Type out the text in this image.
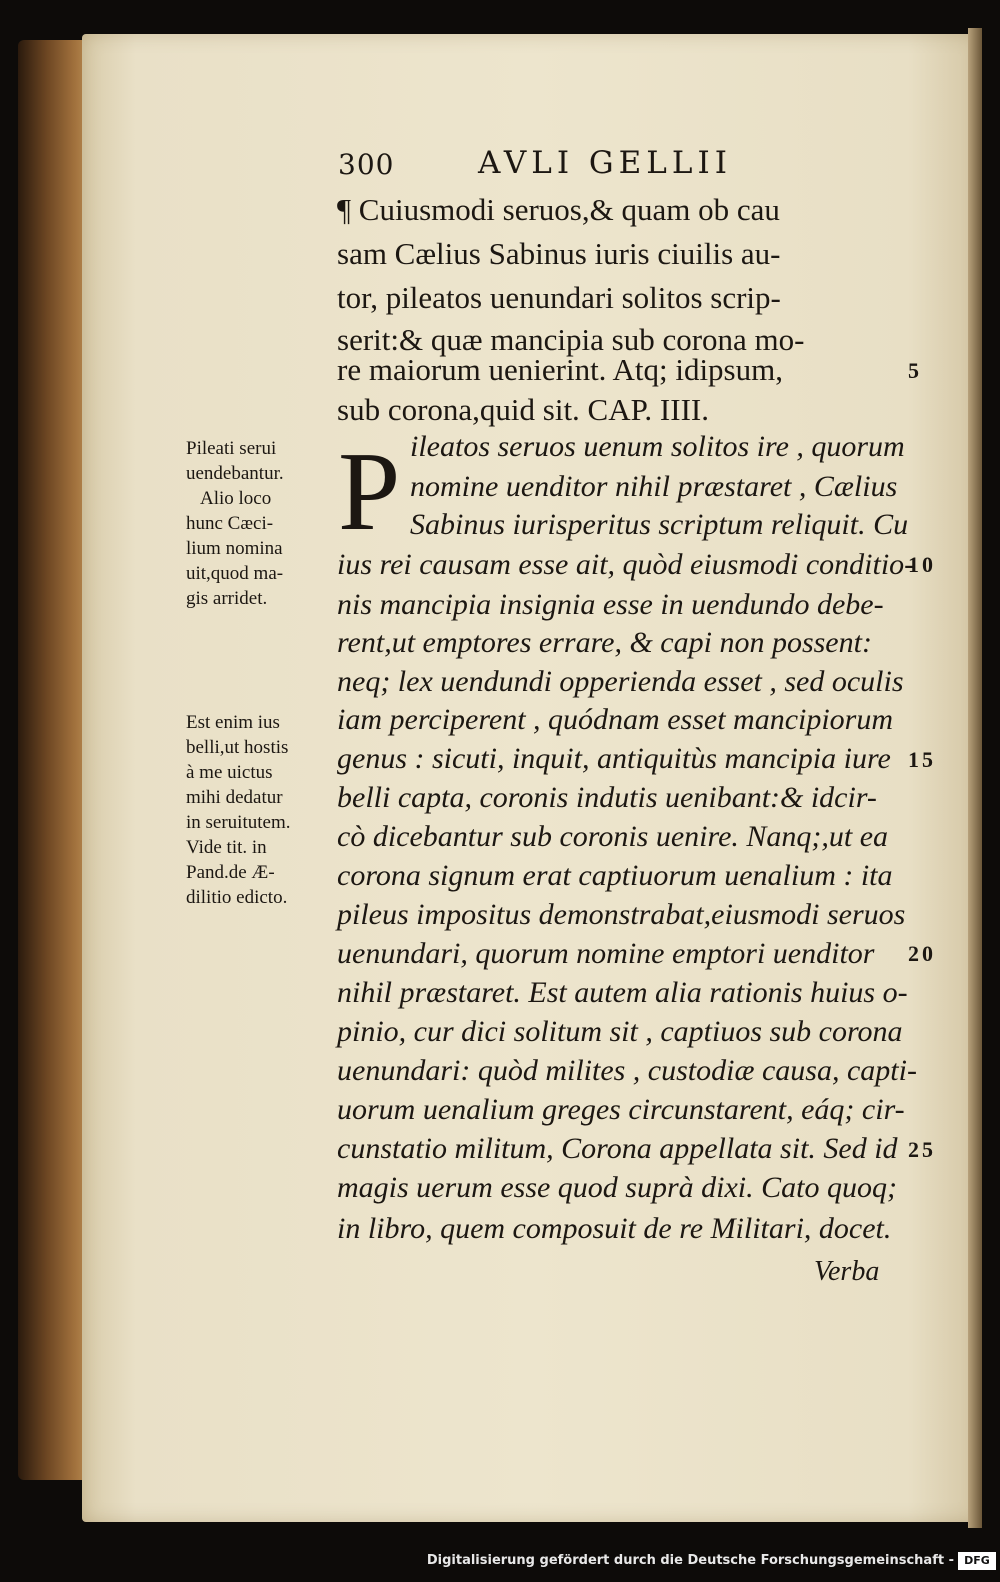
300	AVLI GELLII
¶ Cuiusmodi seruos,& quam ob cau
sam Cælius Sabinus iuris ciuilis au-
tor, pileatos uenundari solitos scrip-
serit:& quæ mancipia sub corona mo-
re maiorum uenierint. Atq; idipsum,
sub corona,quid sit. CAP. IIII.
P ileatos seruos uenum solitos ire , quorum
nomine uenditor nihil præstaret , Cælius
Sabinus iurisperitus scriptum reliquit. Cu
ius rei causam esse ait, quòd eiusmodi conditio-
nis mancipia insignia esse in uendundo debe-
rent,ut emptores errare, & capi non possent:
neq; lex uendundi opperienda esset , sed oculis
iam perciperent , quódnam esset mancipiorum
genus : sicuti, inquit, antiquitùs mancipia iure
belli capta, coronis indutis uenibant:& idcir-
cò dicebantur sub coronis uenire. Nanq;,ut ea
corona signum erat captiuorum uenalium : ita
pileus impositus demonstrabat,eiusmodi seruos
uenundari, quorum nomine emptori uenditor
nihil præstaret. Est autem alia rationis huius o-
pinio, cur dici solitum sit , captiuos sub corona
uenundari: quòd milites , custodiæ causa, capti-
uorum uenalium greges circunstarent, eáq; cir-
cunstatio militum, Corona appellata sit. Sed id
magis uerum esse quod suprà dixi. Cato quoq;
in libro, quem composuit de re Militari, docet.
Verba
Pileati serui
uendebantur.
Alio loco
hunc Cæci-
lium nomina
uit,quod ma-
gis arridet.
Est enim ius
belli,ut hostis
à me uictus
mihi dedatur
in seruitutem.
Vide tit. in
Pand.de Æ-
dilitio edicto.
5
10
15
20
25
Digitalisierung gefördert durch die Deutsche Forschungsgemeinschaft - DFG
